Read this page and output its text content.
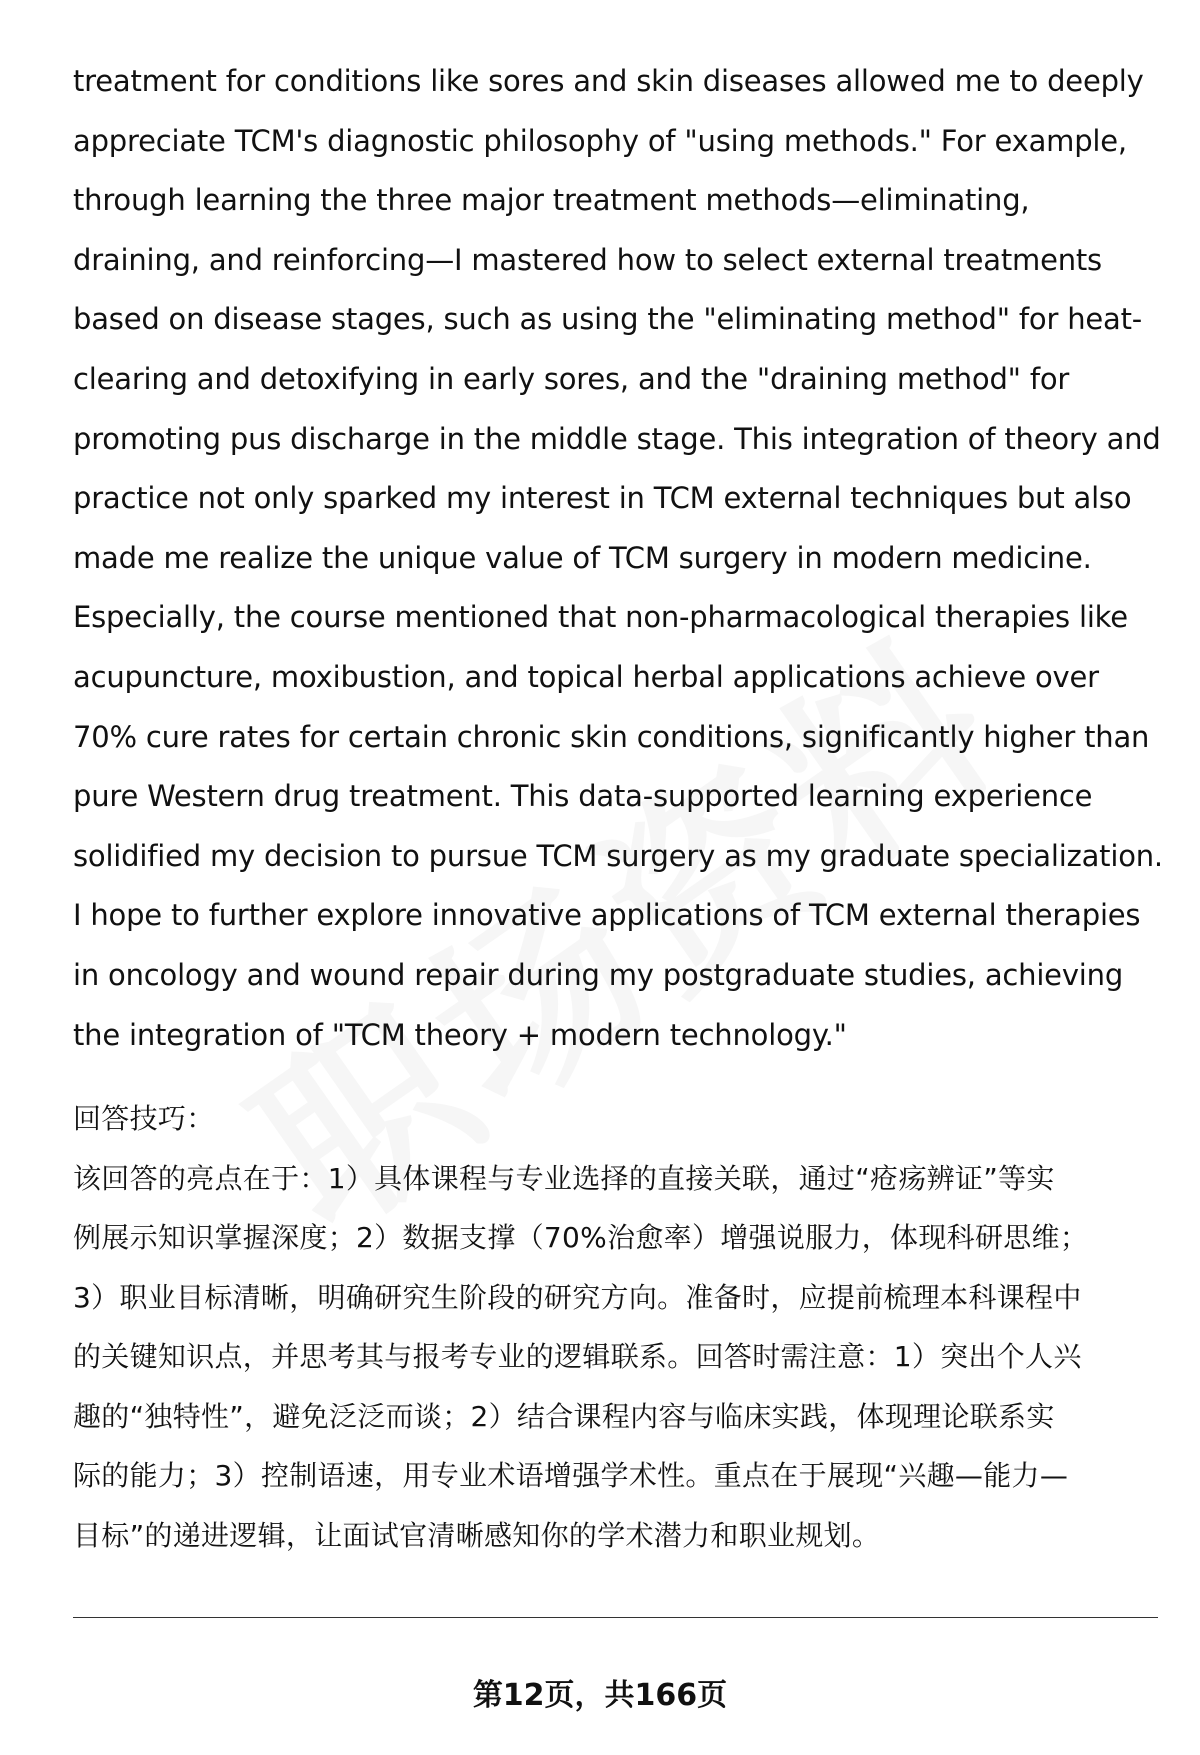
treatment for conditions like sores and skin diseases allowed me to deeply
appreciate TCM's diagnostic philosophy of "using methods." For example,
through learning the three major treatment methods—eliminating,
draining, and reinforcing—I mastered how to select external treatments
based on disease stages, such as using the "eliminating method" for heat-
clearing and detoxifying in early sores, and the "draining method" for
promoting pus discharge in the middle stage. This integration of theory and
practice not only sparked my interest in TCM external techniques but also
made me realize the unique value of TCM surgery in modern medicine.
Especially, the course mentioned that non-pharmacological therapies like
acupuncture, moxibustion, and topical herbal applications achieve over
70% cure rates for certain chronic skin conditions, significantly higher than
pure Western drug treatment. This data-supported learning experience
solidified my decision to pursue TCM surgery as my graduate specialization.
I hope to further explore innovative applications of TCM external therapies
in oncology and wound repair during my postgraduate studies, achieving
the integration of "TCM theory + modern technology."
回答技巧：
该回答的亮点在于：1）具体课程与专业选择的直接关联，通过“疮疡辨证”等实
例展示知识掌握深度；2）数据支撑（70%治愈率）增强说服力，体现科研思维；
3）职业目标清晰，明确研究生阶段的研究方向。准备时，应提前梳理本科课程中
的关键知识点，并思考其与报考专业的逻辑联系。回答时需注意：1）突出个人兴
趣的“独特性”，避免泛泛而谈；2）结合课程内容与临床实践，体现理论联系实
际的能力；3）控制语速，用专业术语增强学术性。重点在于展现“兴趣—能力—
目标”的递进逻辑，让面试官清晰感知你的学术潜力和职业规划。
第12页，共166页
